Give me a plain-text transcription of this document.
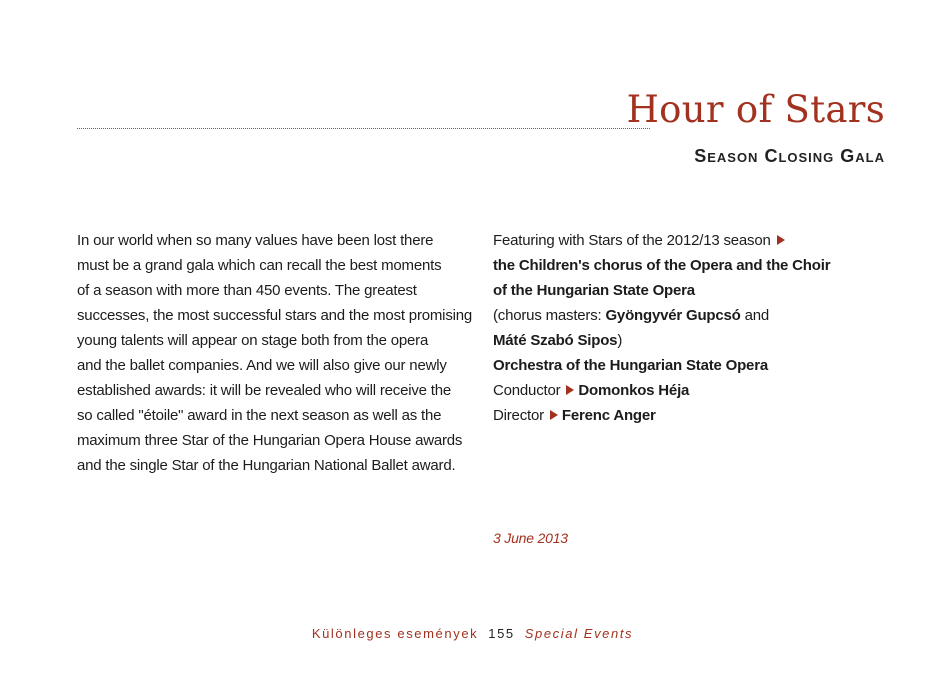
Hour of Stars
Season Closing Gala
In our world when so many values have been lost there
must be a grand gala which can recall the best moments
of a season with more than 450 events. The greatest
successes, the most successful stars and the most promising
young talents will appear on stage both from the opera
and the ballet companies. And we will also give our newly
established awards: it will be revealed who will receive the
so called "étoile" award in the next season as well as the
maximum three Star of the Hungarian Opera House awards
and the single Star of the Hungarian National Ballet award.
Featuring with Stars of the 2012/13 season
the Children's chorus of the Opera and the Choir
of the Hungarian State Opera
(chorus masters: Gyöngyvér Gupcsó and
Máté Szabó Sipos)
Orchestra of the Hungarian State Opera
Conductor Domonkos Héja
Director Ferenc Anger
3 June 2013
Különleges események 155 Special Events
